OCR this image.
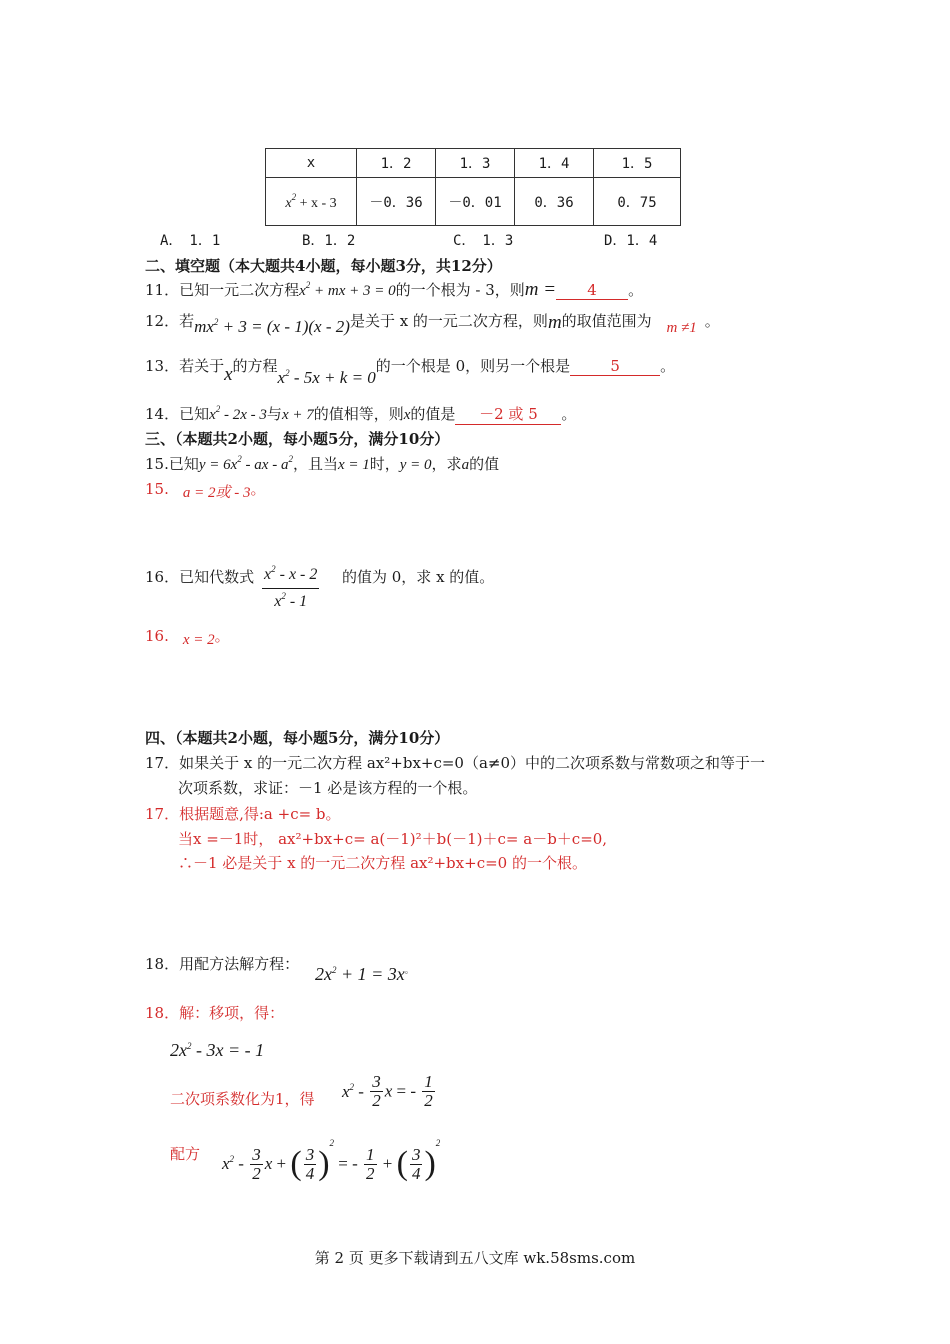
x	1．2	1．3	1．4	1．5
$x^2 + x - 3$	－0．36	－0．01	0．36	0．75
A．　1．1	B．1．2	C．　1．3	D．1．4
二、填空题（本大题共4小题，每小题3分，共12分）
11．已知一元二次方程$x^2$ + mx + 3 = 0的一个根为 - 3，则m = 4 。
12．若$mx^2 + 3 = (x - 1)(x - 2)$是关于 x 的一元二次方程，则m的取值范围为 m ≠1 。
13．若关于x的方程$x^2 - 5x + k = 0$的一个根是 0，则另一个根是	5	。
14．已知$x^2 - 2x - 3$与x + 7的值相等，则x的值是 －2 或 5 。
三、（本题共2小题，每小题5分，满分10分）
15.已知$y = 6x^2$ - ax - $a^2$，且当x = 1时，y = 0，求a的值
15. a = 2或 - 3。
16．已知代数式 $x^2$ - x - 2
$x^2 - 1$
的值为 0，求 x 的值。
16. x = 2。
四、（本题共2小题，每小题5分，满分10分）
17．如果关于 x 的一元二次方程 ax²+bx+c=0（a≠0）中的二次项系数与常数项之和等于一
次项系数，求证：－1 必是该方程的一个根。
17．根据题意,得:a +c= b。
当x =－1时， ax²+bx+c= a(－1)²＋b(－1)＋c= a－b＋c=0,
∴－1 必是关于 x 的一元二次方程 ax²+bx+c=0 的一个根。
18．用配方法解方程： $2x^2 + 1 = 3x^。$
18．解：移项，得：
$2x^2 - 3x$ = - 1
二次项系数化为1，得 $x^2 - \frac{3}{2}$ x = - $\frac{1}{2}$
配方
$x^2 - \frac{3}{2}$ x + ( $\frac{3}{4} )^2$ = - $\frac{1}{2}$ + ( $\frac{3}{4} )^2$
第 2 页 更多下载请到五八文库 wk.58sms.com
